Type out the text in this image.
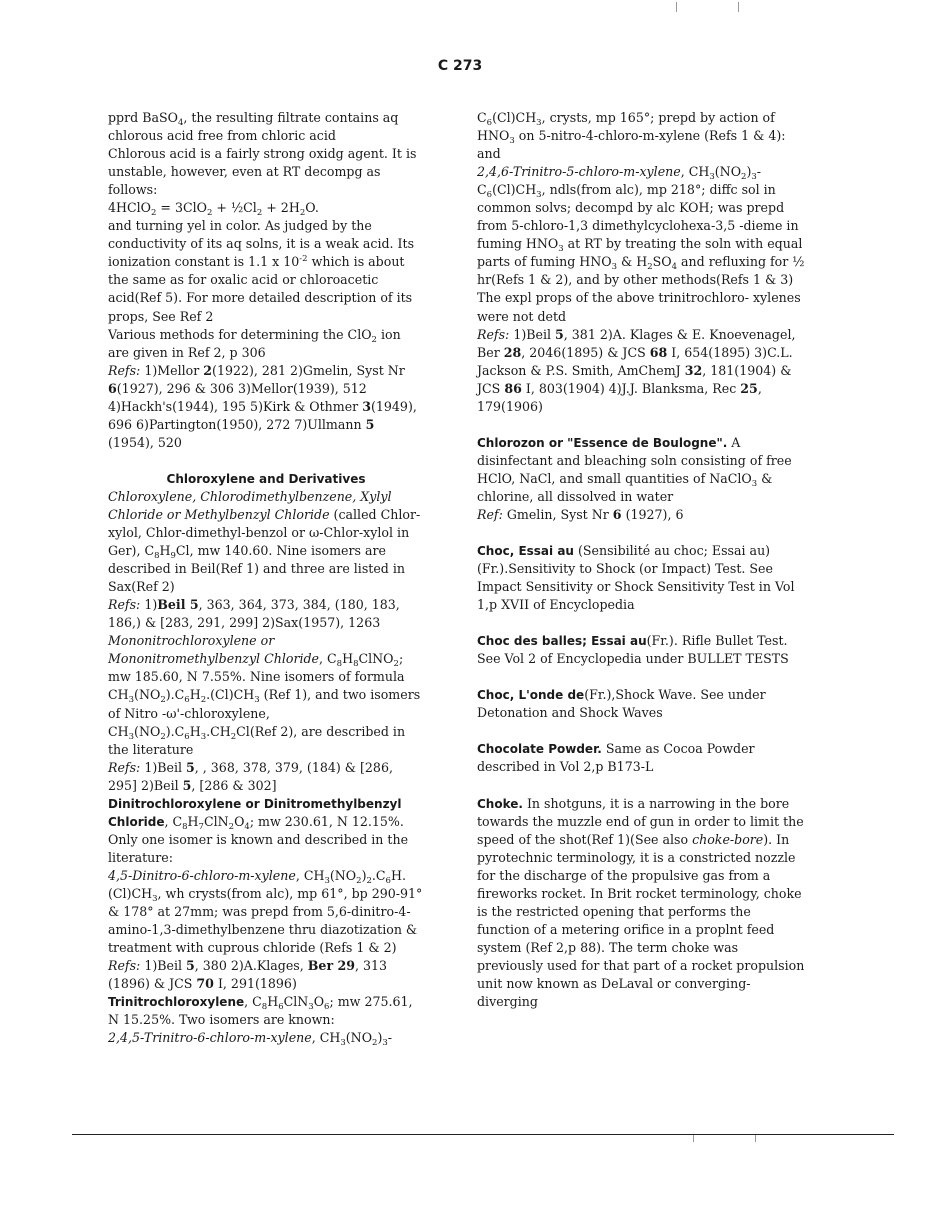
C 273

pprd BaSO$_4$, the resulting filtrate contains aq chlorous acid free from chloric acid

Chlorous acid is a fairly strong oxidg agent. It is unstable, however, even at RT decompg as follows:

4HClO$_2$ = $3ClO_2 + \frac{1}{2}Cl_2 + 2H_2O$.

and turning yel in color. As judged by the conductivity of its aq solns, it is a weak acid. Its ionization constant is 1.1 x $10^{-2}$ which is about the same as for oxalic acid or chloroacetic acid(Ref 5). For more detailed description of its props, See Ref 2

Various methods for determining the ClO$_2$ ion are given in Ref 2, p 306

Refs: 1)Mellor 2(1922), 281 2)Gmelin, Syst Nr 6(1927), 296 & 306 3)Mellor(1939), 512 4)Hackh's(1944), 195 5)Kirk & Othmer 3(1949), 696 6)Partington(1950), 272 7)Ullmann 5 (1954), 520

Chloroxylene and Derivatives

Chloroxylene, Chlorodimethylbenzene, Xylyl Chloride or Methylbenzyl Chloride (called Chlor-xylol, Chlor-dimethyl-benzol or ω-Chlor-xylol in Ger), $C_8H_9Cl$, mw 140.60. Nine isomers are described in Beil(Ref 1) and three are listed in Sax(Ref 2)

Refs: 1)Beil 5, 363, 364, 373, 384, (180, 183, 186,) & [283, 291, 299] 2)Sax(1957), 1263

Mononitrochloroxylene or Mononitromethylbenzyl Chloride, $C_8H_8ClNO_2$; mw 185.60, N 7.55%. Nine isomers of formula $CH_3(NO_2).C_6H_2.(Cl)CH_3$ (Ref 1), and two isomers of Nitro -ω'-chloroxylene, $CH_3(NO_2).C_6H_3.CH_2Cl(Ref$ 2), are described in the literature

Refs: 1)Beil 5, , 368, 378, 379, (184) & [286, 295] 2)Beil 5, [286 & 302]

Dinitrochloroxylene or Dinitromethylbenzyl Chloride, $C_8H_7ClN_2O_4$; mw 230.61, N 12.15%. Only one isomer is known and described in the literature:

4,5-Dinitro-6-chloro-m-xylene, $CH_3(NO_2)_2.C_6H.(Cl)CH_3$, wh crysts(from alc), mp 61°, bp 290-91° & 178° at 27mm; was prepd from 5,6-dinitro-4-amino-1,3-dimethylbenzene thru diazotization & treatment with cuprous chloride (Refs 1 & 2)

Refs: 1)Beil 5, 380 2)A.Klages, Ber 29, 313 (1896) & JCS 70 I, 291(1896)

Trinitrochloroxylene, $C_8H_6ClN_3O_6$; mw 275.61, N 15.25%. Two isomers are known:

2,4,5-Trinitro-6-chloro-m-xylene, $CH_3(NO_2)_3-$

$C_6(Cl)CH_3$, crysts, mp 165°; prepd by action of $HNO_3$ on 5-nitro-4-chloro-m-xylene (Refs 1 & 4): and

2,4,6-Trinitro-5-chloro-m-xylene, $CH_3(NO_2)_3-C_6(Cl)CH_3$, ndls(from alc), mp 218°; diffc sol in common solvs; decompd by alc KOH; was prepd from 5-chloro-1,3 dimethylcyclohexa-3,5 -dieme in fuming $HNO_3$ at RT by treating the soln with equal parts of fuming $HNO_3$ & $H_2SO_4$ and refluxing for ½ hr(Refs 1 & 2), and by other methods(Refs 1 & 3)

The expl props of the above trinitrochloro- xylenes were not detd

Refs: 1)Beil 5, 381 2)A. Klages & E. Knoevenagel, Ber 28, 2046(1895) & JCS 68 I, 654(1895) 3)C.L. Jackson & P.S. Smith, AmChemJ 32, 181(1904) & JCS 86 I, 803(1904) 4)J.J. Blanksma, Rec 25, 179(1906)

Chlorozon or "Essence de Boulogne". A disinfectant and bleaching soln consisting of free HClO, NaCl, and small quantities of NaClO$_3$ & chlorine, all dissolved in water

Ref: Gmelin, Syst Nr 6 (1927), 6

Choc, Essai au (Sensibilité au choc; Essai au) (Fr.).Sensitivity to Shock (or Impact) Test. See Impact Sensitivity or Shock Sensitivity Test in Vol 1,p XVII of Encyclopedia

Choc des balles; Essai au(Fr.). Rifle Bullet Test. See Vol 2 of Encyclopedia under BULLET TESTS

Choc, L'onde de(Fr.),Shock Wave. See under Detonation and Shock Waves

Chocolate Powder. Same as Cocoa Powder described in Vol 2,p B173-L

Choke. In shotguns, it is a narrowing in the bore towards the muzzle end of gun in order to limit the speed of the shot(Ref 1)(See also choke-bore). In pyrotechnic terminology, it is a constricted nozzle for the discharge of the propulsive gas from a fireworks rocket. In Brit rocket terminology, choke is the restricted opening that performs the function of a metering orifice in a proplnt feed system (Ref 2,p 88). The term choke was previously used for that part of a rocket propulsion unit now known as DeLaval or converging-diverging
